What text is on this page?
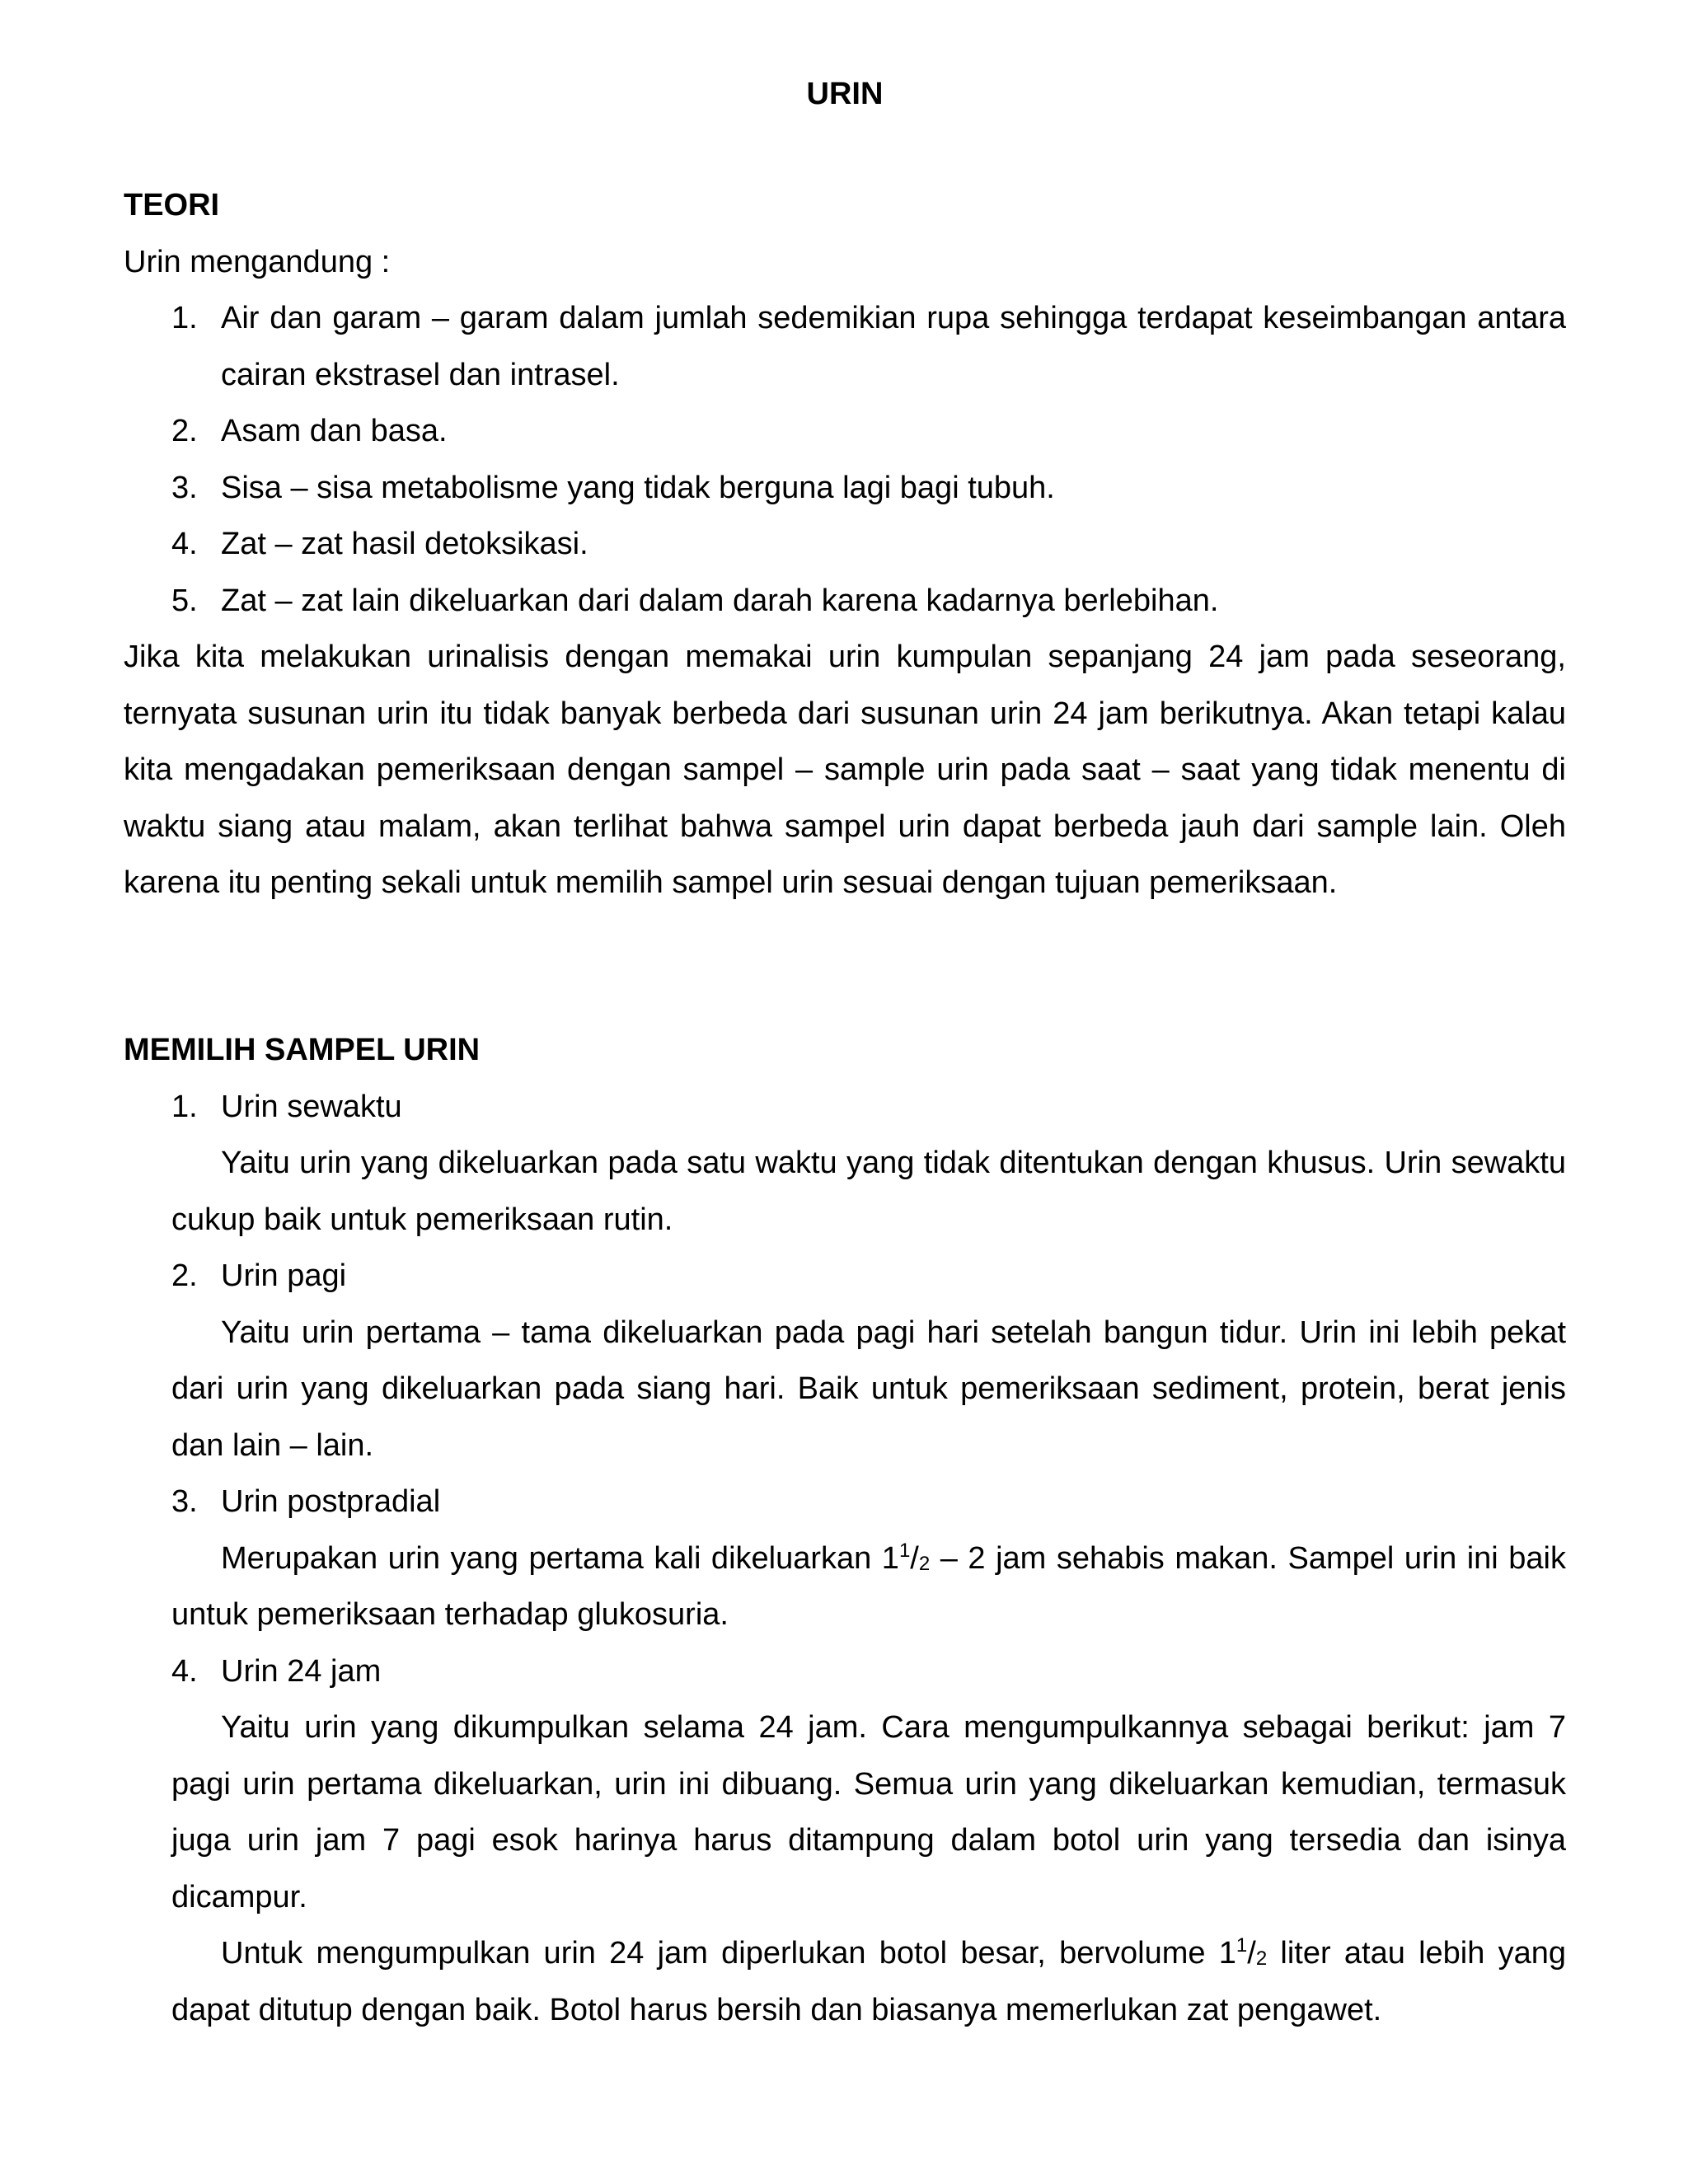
URIN

TEORI

Urin mengandung :

1. Air dan garam – garam dalam jumlah sedemikian rupa sehingga terdapat keseimbangan antara cairan ekstrasel dan intrasel.
2. Asam dan basa.
3. Sisa – sisa metabolisme yang tidak berguna lagi bagi tubuh.
4. Zat – zat hasil detoksikasi.
5. Zat – zat lain dikeluarkan dari dalam darah karena kadarnya berlebihan.

Jika kita melakukan urinalisis dengan memakai urin kumpulan sepanjang 24 jam pada seseorang, ternyata susunan urin itu tidak banyak berbeda dari susunan urin 24 jam berikutnya. Akan tetapi kalau kita mengadakan pemeriksaan dengan sampel – sample urin pada saat – saat yang tidak menentu di waktu siang atau malam, akan terlihat bahwa sampel urin dapat berbeda jauh dari sample lain. Oleh karena itu penting sekali untuk memilih sampel urin sesuai dengan tujuan pemeriksaan.

MEMILIH SAMPEL URIN

1. Urin sewaktu

Yaitu urin yang dikeluarkan pada satu waktu yang tidak ditentukan dengan khusus. Urin sewaktu cukup baik untuk pemeriksaan rutin.

2. Urin pagi

Yaitu urin pertama – tama dikeluarkan pada pagi hari setelah bangun tidur. Urin ini lebih pekat dari urin yang dikeluarkan pada siang hari. Baik untuk pemeriksaan sediment, protein, berat jenis dan lain – lain.

3. Urin postpradial

Merupakan urin yang pertama kali dikeluarkan $1^1/_2 - 2$ jam sehabis makan. Sampel urin ini baik untuk pemeriksaan terhadap glukosuria.

4. Urin 24 jam

Yaitu urin yang dikumpulkan selama 24 jam. Cara mengumpulkannya sebagai berikut: jam 7 pagi urin pertama dikeluarkan, urin ini dibuang. Semua urin yang dikeluarkan kemudian, termasuk juga urin jam 7 pagi esok harinya harus ditampung dalam botol urin yang tersedia dan isinya dicampur.

Untuk mengumpulkan urin 24 jam diperlukan botol besar, bervolume $1^1/_2$ liter atau lebih yang dapat ditutup dengan baik. Botol harus bersih dan biasanya memerlukan zat pengawet.
